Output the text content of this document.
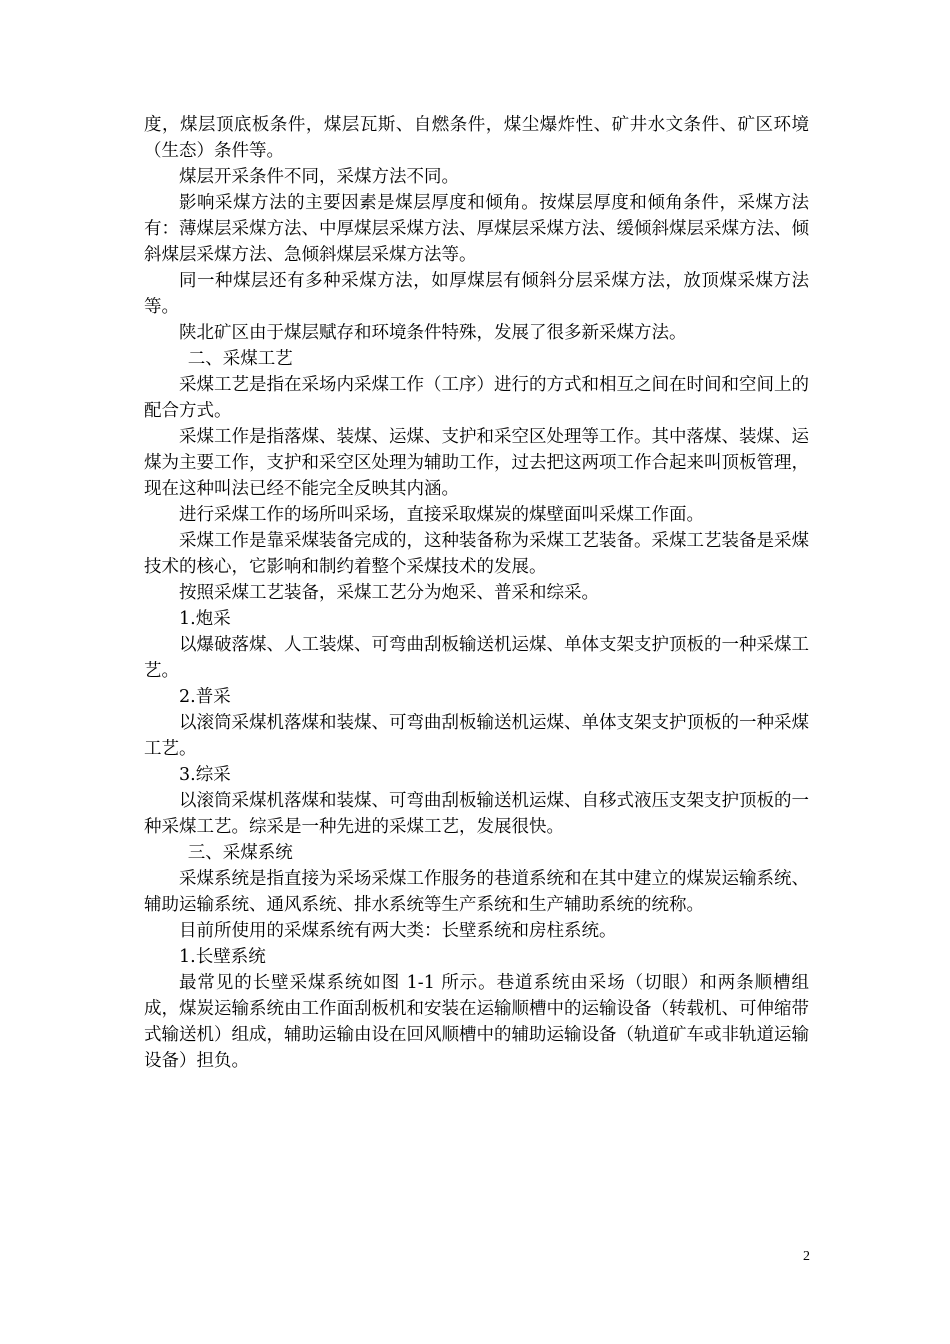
度，煤层顶底板条件，煤层瓦斯、自燃条件，煤尘爆炸性、矿井水文条件、矿区环境（生态）条件等。

煤层开采条件不同，采煤方法不同。

影响采煤方法的主要因素是煤层厚度和倾角。按煤层厚度和倾角条件，采煤方法有：薄煤层采煤方法、中厚煤层采煤方法、厚煤层采煤方法、缓倾斜煤层采煤方法、倾斜煤层采煤方法、急倾斜煤层采煤方法等。

同一种煤层还有多种采煤方法，如厚煤层有倾斜分层采煤方法，放顶煤采煤方法等。

陕北矿区由于煤层赋存和环境条件特殊，发展了很多新采煤方法。

二、采煤工艺

采煤工艺是指在采场内采煤工作（工序）进行的方式和相互之间在时间和空间上的配合方式。

采煤工作是指落煤、装煤、运煤、支护和采空区处理等工作。其中落煤、装煤、运煤为主要工作，支护和采空区处理为辅助工作，过去把这两项工作合起来叫顶板管理，现在这种叫法已经不能完全反映其内涵。

进行采煤工作的场所叫采场，直接采取煤炭的煤壁面叫采煤工作面。

采煤工作是靠采煤装备完成的，这种装备称为采煤工艺装备。采煤工艺装备是采煤技术的核心，它影响和制约着整个采煤技术的发展。

按照采煤工艺装备，采煤工艺分为炮采、普采和综采。

1.炮采

以爆破落煤、人工装煤、可弯曲刮板输送机运煤、单体支架支护顶板的一种采煤工艺。

2.普采

以滚筒采煤机落煤和装煤、可弯曲刮板输送机运煤、单体支架支护顶板的一种采煤工艺。

3.综采

以滚筒采煤机落煤和装煤、可弯曲刮板输送机运煤、自移式液压支架支护顶板的一种采煤工艺。综采是一种先进的采煤工艺，发展很快。

三、采煤系统

采煤系统是指直接为采场采煤工作服务的巷道系统和在其中建立的煤炭运输系统、辅助运输系统、通风系统、排水系统等生产系统和生产辅助系统的统称。

目前所使用的采煤系统有两大类：长壁系统和房柱系统。

1.长壁系统

最常见的长壁采煤系统如图 1-1 所示。巷道系统由采场（切眼）和两条顺槽组成，煤炭运输系统由工作面刮板机和安装在运输顺槽中的运输设备（转载机、可伸缩带式输送机）组成，辅助运输由设在回风顺槽中的辅助运输设备（轨道矿车或非轨道运输设备）担负。

2
